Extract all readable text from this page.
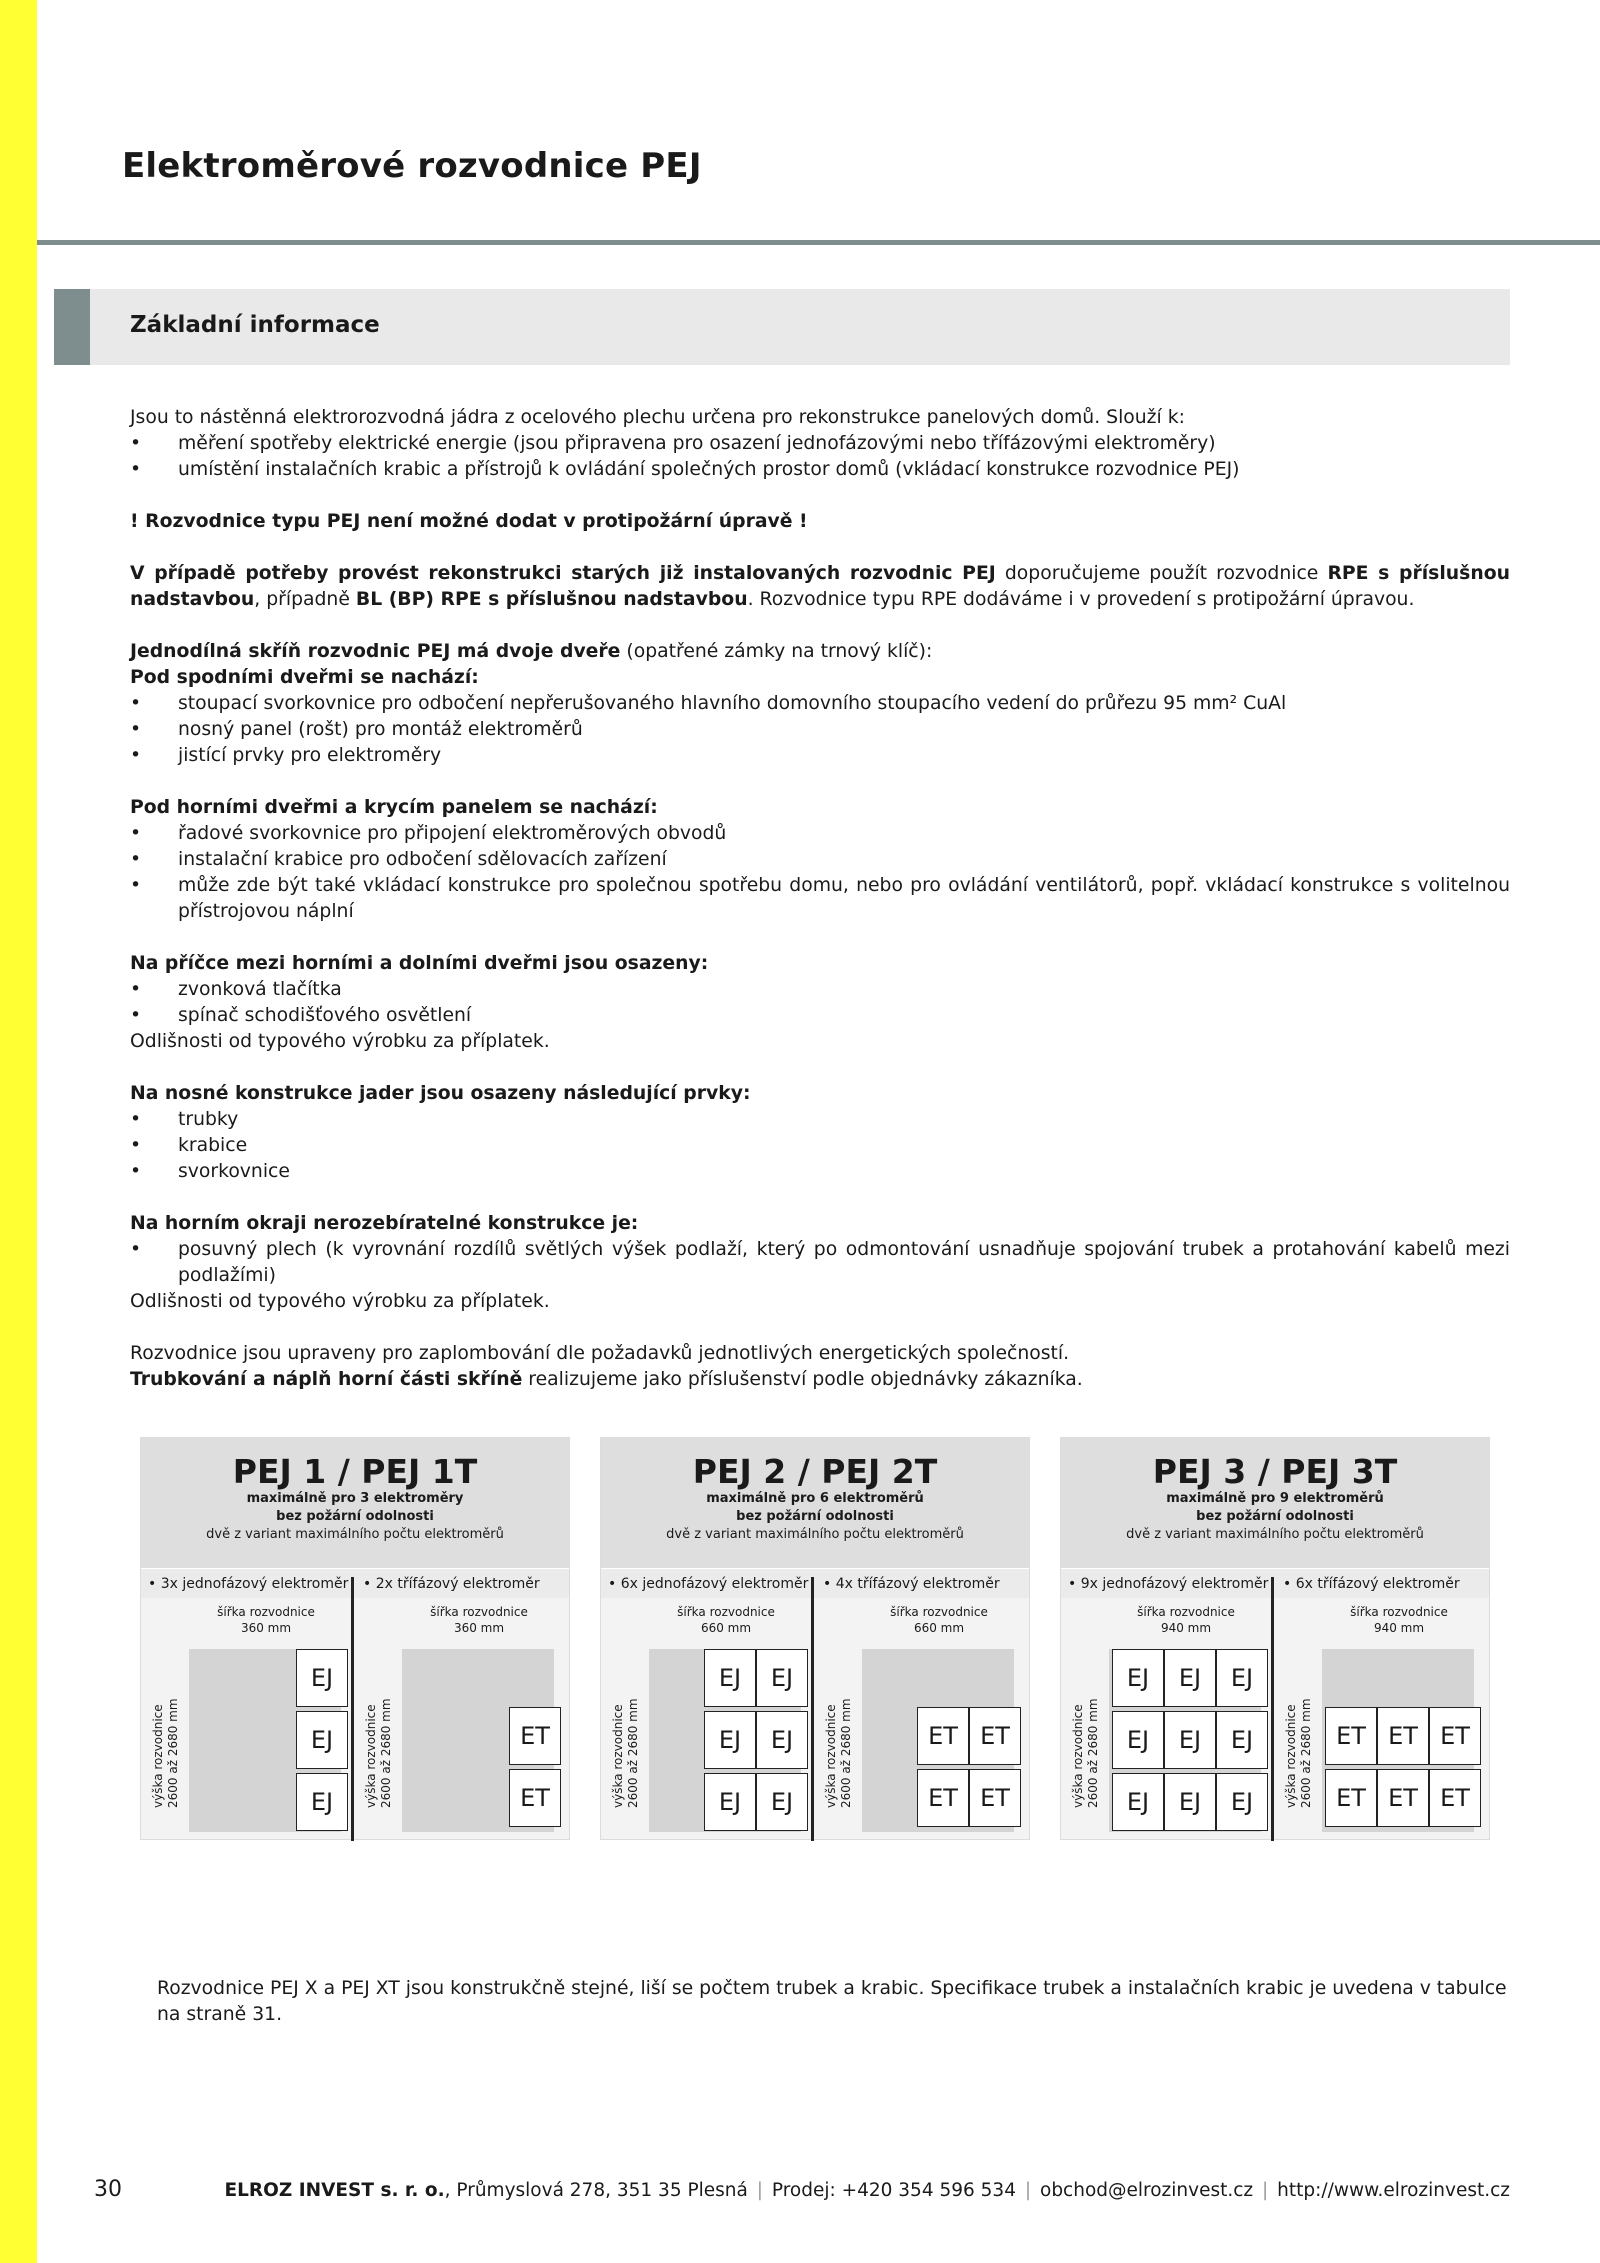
Elektroměrové rozvodnice PEJ
Základní informace

Jsou to nástěnná elektrorozvodná jádra z ocelového plechu určena pro rekonstrukce panelových domů. Slouží k:

• měření spotřeby elektrické energie (jsou připravena pro osazení jednofázovými nebo třífázovými elektroměry)
• umístění instalačních krabic a přístrojů k ovládání společných prostor domů (vkládací konstrukce rozvodnice PEJ)

! Rozvodnice typu PEJ není možné dodat v protipožární úpravě !

V případě potřeby provést rekonstrukci starých již instalovaných rozvodnic PEJ doporučujeme použít rozvodnice RPE s příslušnou nadstavbou, případně BL (BP) RPE s příslušnou nadstavbou. Rozvodnice typu RPE dodáváme i v provedení s protipožární úpravou.

Jednodílná skříň rozvodnic PEJ má dvoje dveře (opatřené zámky na trnový klíč):

Pod spodními dveřmi se nachází:

• stoupací svorkovnice pro odbočení nepřerušovaného hlavního domovního stoupacího vedení do průřezu 95 mm² CuAl
• nosný panel (rošt) pro montáž elektroměrů
• jistící prvky pro elektroměry

Pod horními dveřmi a krycím panelem se nachází:

• řadové svorkovnice pro připojení elektroměrových obvodů
• instalační krabice pro odbočení sdělovacích zařízení
• může zde být také vkládací konstrukce pro společnou spotřebu domu, nebo pro ovládání ventilátorů, popř. vkládací konstrukce s volitelnou přístrojovou náplní

Na příčce mezi horními a dolními dveřmi jsou osazeny:

• zvonková tlačítka
• spínač schodišťového osvětlení

Odlišnosti od typového výrobku za příplatek.

Na nosné konstrukce jader jsou osazeny následující prvky:

• trubky
• krabice
• svorkovnice

Na horním okraji nerozebíratelné konstrukce je:

• posuvný plech (k vyrovnání rozdílů světlých výšek podlaží, který po odmontování usnadňuje spojování trubek a protahování kabelů mezi podlažími)

Odlišnosti od typového výrobku za příplatek.

Rozvodnice jsou upraveny pro zaplombování dle požadavků jednotlivých energetických společností.

Trubkování a náplň horní části skříně realizujeme jako příslušenství podle objednávky zákazníka.

PEJ 1 / PEJ 1T
maximálně pro 3 elektroměry
bez požární odolnosti
dvě z variant maximálního počtu elektroměrů
• 3x jednofázový elektroměr • 2x třífázový elektroměr
šířka rozvodnice
360 mm
výška rozvodnice 2600 až 2680 mm
EJ
EJ
EJ
šířka rozvodnice
360 mm
výška rozvodnice 2600 až 2680 mm	ET
ET
PEJ 2 / PEJ 2T
maximálně pro 6 elektroměrů
bez požární odolnosti
dvě z variant maximálního počtu elektroměrů
• 6x jednofázový elektroměr • 4x třífázový elektroměr
šířka rozvodnice
660 mm
výška rozvodnice 2600 až 2680 mm
EJ	EJ
EJ	EJ
EJ	EJ
šířka rozvodnice
660 mm
výška rozvodnice 2600 až 2680 mm	ET ET
ET ET
PEJ 3 / PEJ 3T
maximálně pro 9 elektroměrů
bez požární odolnosti
dvě z variant maximálního počtu elektroměrů
• 9x jednofázový elektroměr • 6x třífázový elektroměr
šířka rozvodnice
940 mm
výška rozvodnice 2600 až 2680 mm
EJ	EJ	EJ
EJ	EJ	EJ
EJ	EJ	EJ
šířka rozvodnice
940 mm
výška rozvodnice 2600 až 2680 mm ET ET ET
ET ET ET

Rozvodnice PEJ X a PEJ XT jsou konstrukčně stejné, liší se počtem trubek a krabic. Specifikace trubek a instalačních krabic je uvedena v tabulce na straně 31.

30	ELROZ INVEST s. r. o., Průmyslová 278, 351 35 Plesná | Prodej: +420 354 596 534 | obchod@elrozinvest.cz | http://www.elrozinvest.cz
